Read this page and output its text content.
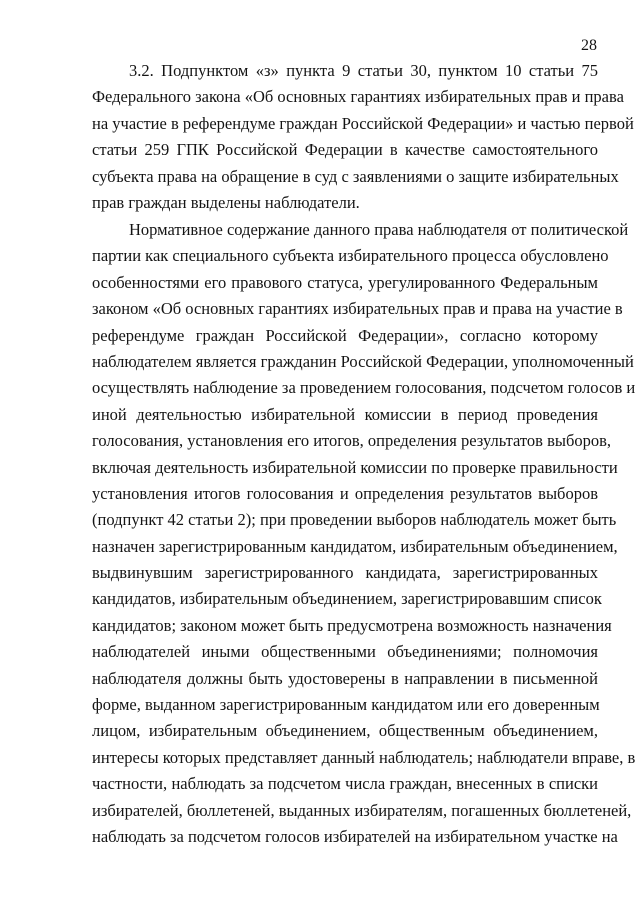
28
3.2. Подпунктом «з» пункта 9 статьи 30, пунктом 10 статьи 75
Федерального закона «Об основных гарантиях избирательных прав и права
на участие в референдуме граждан Российской Федерации» и частью первой
статьи 259 ГПК Российской Федерации в качестве самостоятельного
субъекта права на обращение в суд с заявлениями о защите избирательных
прав граждан выделены наблюдатели.
Нормативное содержание данного права наблюдателя от политической
партии как специального субъекта избирательного процесса обусловлено
особенностями его правового статуса, урегулированного Федеральным
законом «Об основных гарантиях избирательных прав и права на участие в
референдуме граждан Российской Федерации», согласно которому
наблюдателем является гражданин Российской Федерации, уполномоченный
осуществлять наблюдение за проведением голосования, подсчетом голосов и
иной деятельностью избирательной комиссии в период проведения
голосования, установления его итогов, определения результатов выборов,
включая деятельность избирательной комиссии по проверке правильности
установления итогов голосования и определения результатов выборов
(подпункт 42 статьи 2); при проведении выборов наблюдатель может быть
назначен зарегистрированным кандидатом, избирательным объединением,
выдвинувшим зарегистрированного кандидата, зарегистрированных
кандидатов, избирательным объединением, зарегистрировавшим список
кандидатов; законом может быть предусмотрена возможность назначения
наблюдателей иными общественными объединениями; полномочия
наблюдателя должны быть удостоверены в направлении в письменной
форме, выданном зарегистрированным кандидатом или его доверенным
лицом, избирательным объединением, общественным объединением,
интересы которых представляет данный наблюдатель; наблюдатели вправе, в
частности, наблюдать за подсчетом числа граждан, внесенных в списки
избирателей, бюллетеней, выданных избирателям, погашенных бюллетеней,
наблюдать за подсчетом голосов избирателей на избирательном участке на
